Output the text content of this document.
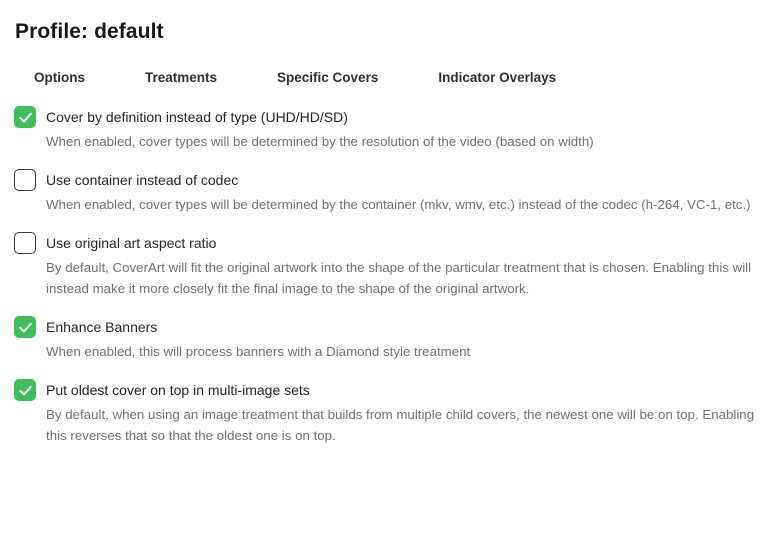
Profile: default
Options	Treatments	Specific Covers	Indicator Overlays
Cover by definition instead of type (UHD/HD/SD)
When enabled, cover types will be determined by the resolution of the video (based on width)
Use container instead of codec
When enabled, cover types will be determined by the container (mkv, wmv, etc.) instead of the codec (h-264, VC-1, etc.)
Use original art aspect ratio
By default, CoverArt will fit the original artwork into the shape of the particular treatment that is chosen. Enabling this will instead make it more closely fit the final image to the shape of the original artwork.
Enhance Banners
When enabled, this will process banners with a Diamond style treatment
Put oldest cover on top in multi-image sets
By default, when using an image treatment that builds from multiple child covers, the newest one will be on top. Enabling this reverses that so that the oldest one is on top.
